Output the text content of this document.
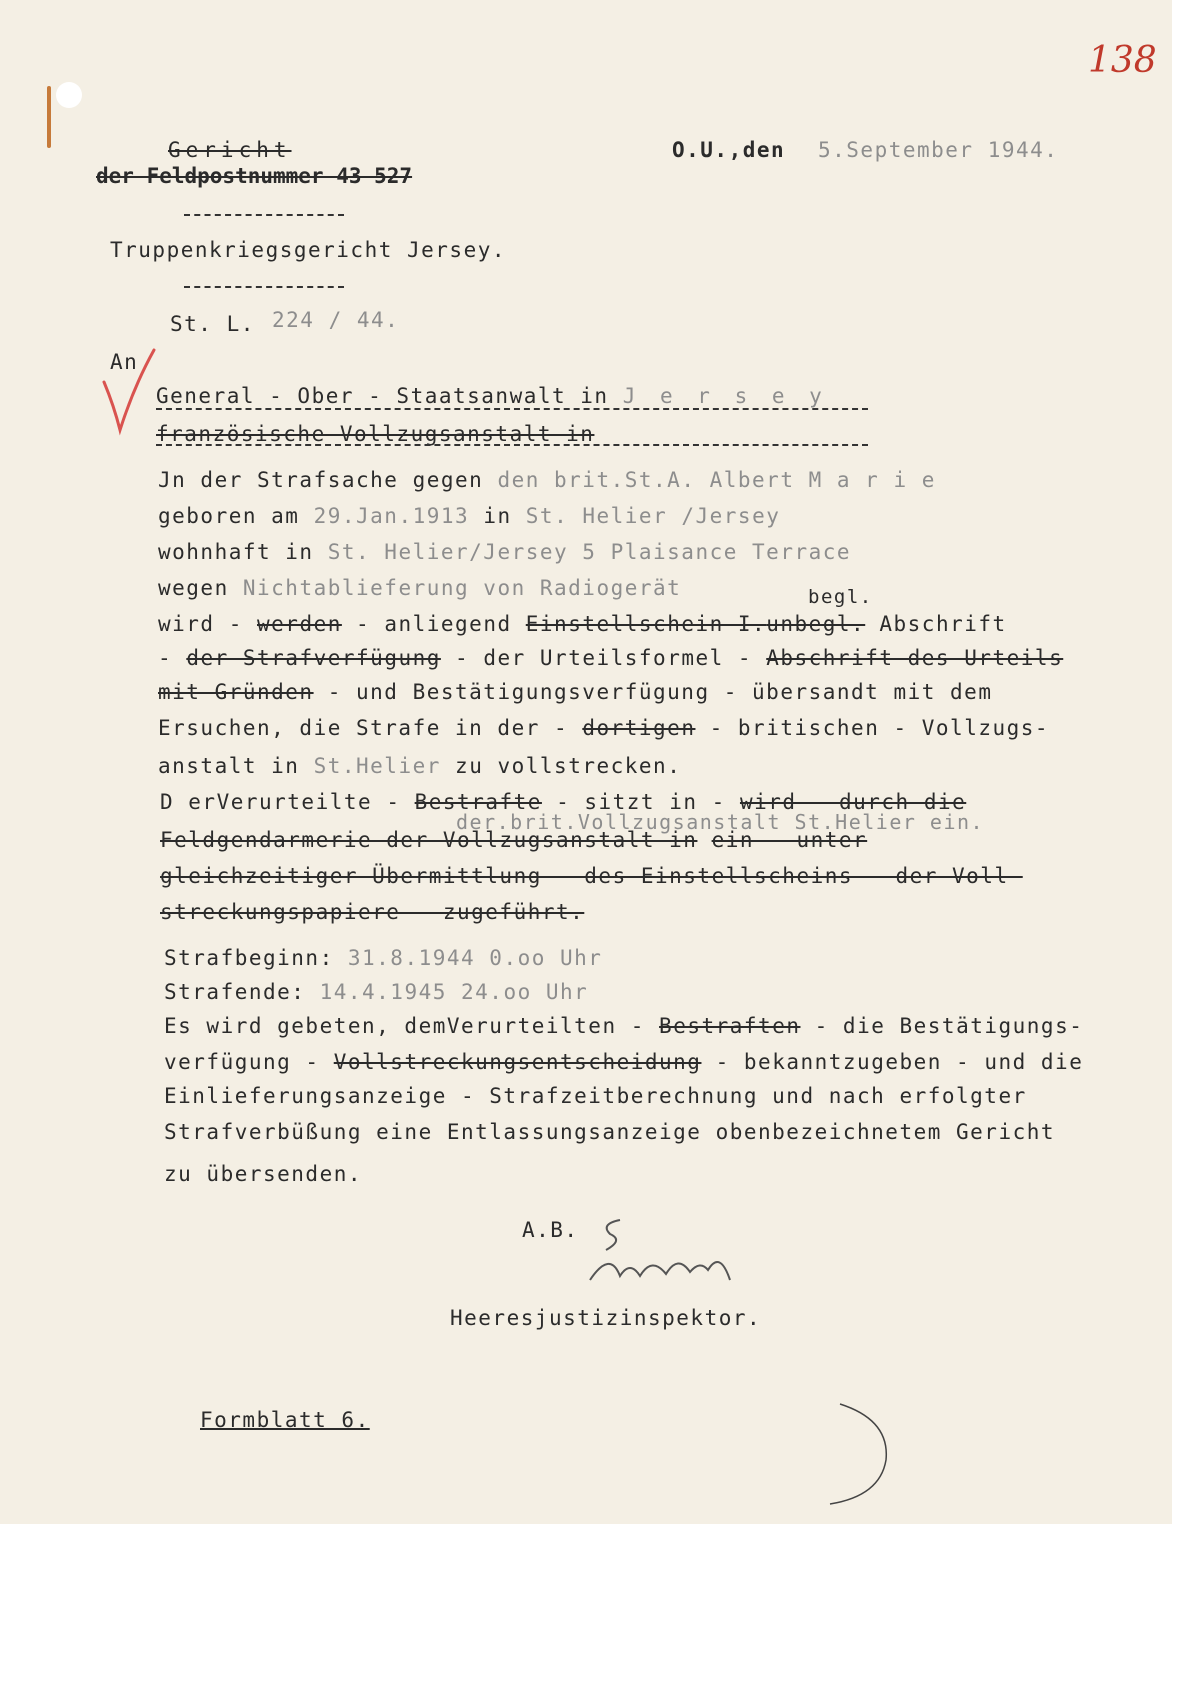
138
Gericht
der Feldpostnummer 43 527
O.U.,den 5.September 1944.
Truppenkriegsgericht Jersey.
St. L. 224 / 44.
An
General - Ober - Staatsanwalt in J e r s e y
französische Vollzugsanstalt in
Jn der Strafsache gegen den brit.St.A. Albert M a r i e
geboren am 29.Jan.1913 in St. Helier /Jersey
wohnhaft in St. Helier/Jersey 5 Plaisance Terrace
wegen Nichtablieferung von Radiogerät	begl.
wird - werden - anliegend Einstellschein I.unbegl. Abschrift
- der Strafverfügung - der Urteilsformel - Abschrift des Urteils
mit Gründen - und Bestätigungsverfügung - übersandt mit dem
Ersuchen, die Strafe in der - dortigen - britischen - Vollzugs-
anstalt in St.Helier zu vollstrecken.
D erVerurteilte - Bestrafte - sitzt in - wird - durch die
der.brit.Vollzugsanstalt St.Helier ein.
Feldgendarmerie der Vollzugsanstalt in ein - unter
gleichzeitiger Übermittlung - des Einstellscheins - der Voll-
streckungspapiere - zugeführt.
Strafbeginn: 31.8.1944 0.oo Uhr
Strafende: 14.4.1945 24.oo Uhr
Es wird gebeten, demVerurteilten - Bestraften - die Bestätigungs-
verfügung - Vollstreckungsentscheidung - bekanntzugeben - und die
Einlieferungsanzeige - Strafzeitberechnung und nach erfolgter
Strafverbüßung eine Entlassungsanzeige obenbezeichnetem Gericht
zu übersenden.
A.B.
Heeresjustizinspektor.
Formblatt 6.
